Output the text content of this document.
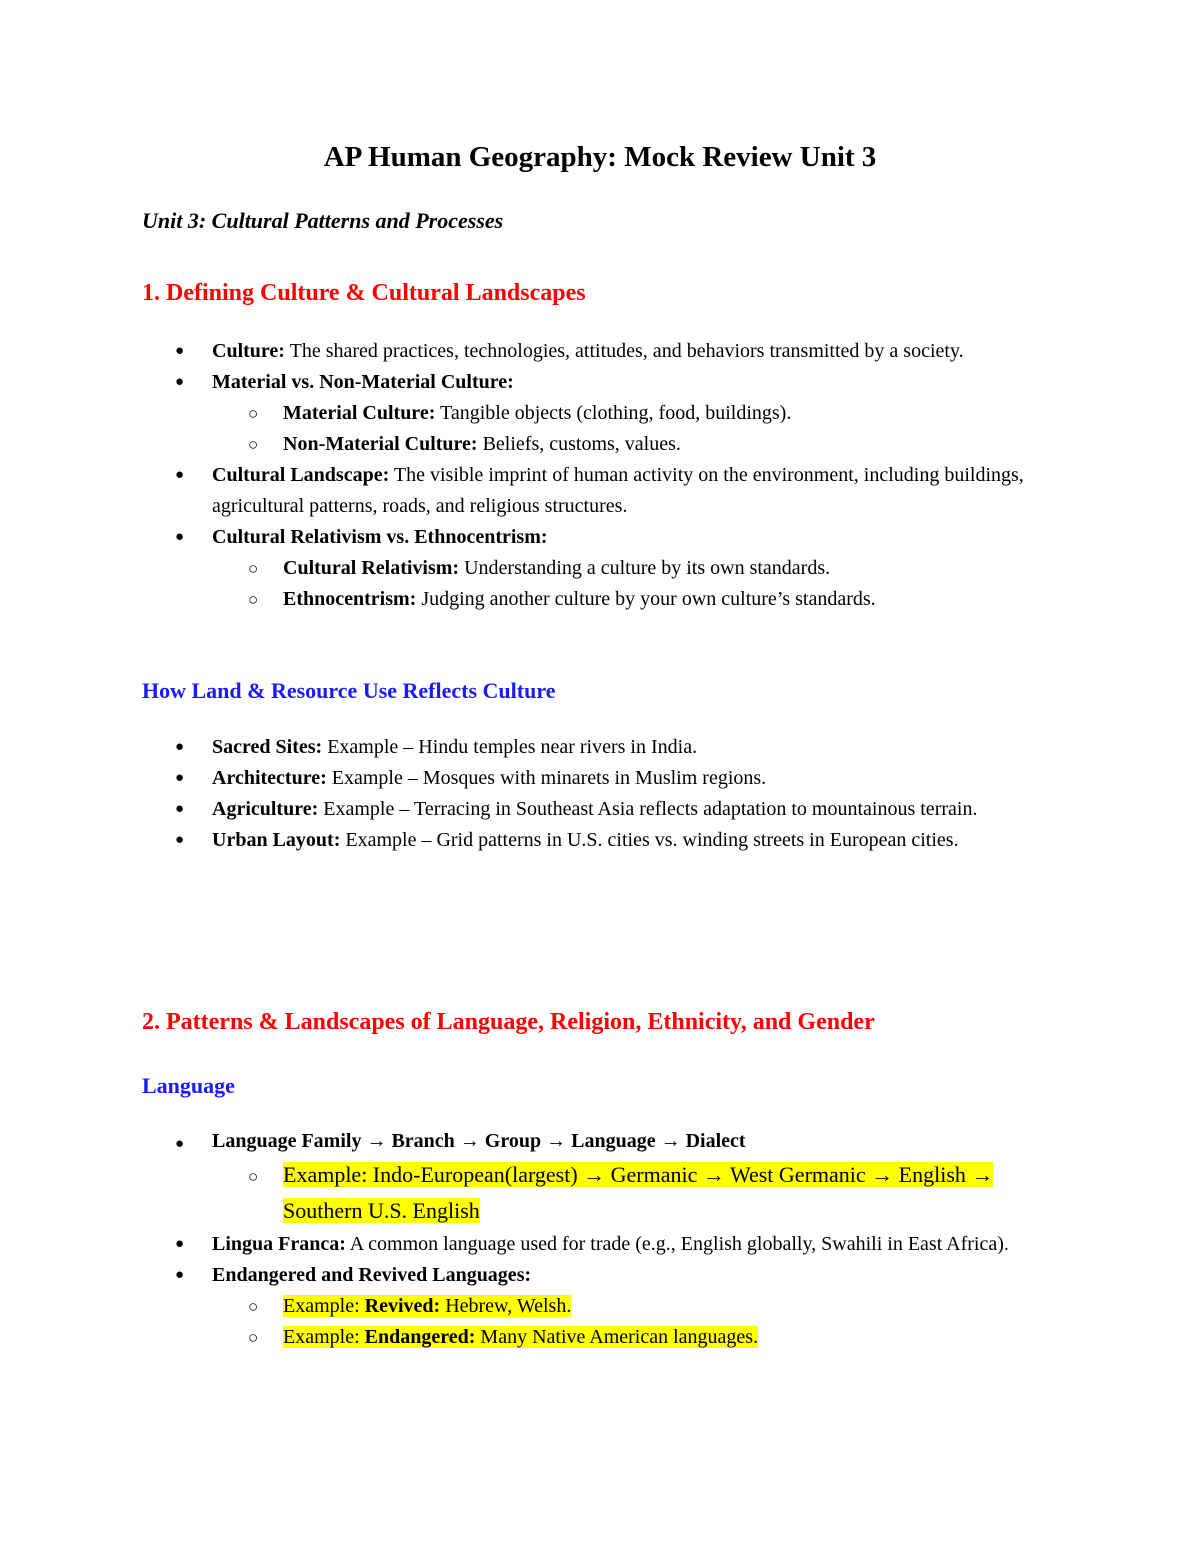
AP Human Geography: Mock Review Unit 3
Unit 3: Cultural Patterns and Processes
1. Defining Culture & Cultural Landscapes
● Culture: The shared practices, technologies, attitudes, and behaviors transmitted by a society.
● Material vs. Non-Material Culture:
○ Material Culture: Tangible objects (clothing, food, buildings).
○ Non-Material Culture: Beliefs, customs, values.
● Cultural Landscape: The visible imprint of human activity on the environment, including buildings, agricultural patterns, roads, and religious structures.
● Cultural Relativism vs. Ethnocentrism:
○ Cultural Relativism: Understanding a culture by its own standards.
○ Ethnocentrism: Judging another culture by your own culture’s standards.
How Land & Resource Use Reflects Culture
● Sacred Sites: Example – Hindu temples near rivers in India.
● Architecture: Example – Mosques with minarets in Muslim regions.
● Agriculture: Example – Terracing in Southeast Asia reflects adaptation to mountainous terrain.
● Urban Layout: Example – Grid patterns in U.S. cities vs. winding streets in European cities.
2. Patterns & Landscapes of Language, Religion, Ethnicity, and Gender
Language
● Language Family → Branch → Group → Language → Dialect
○ Example: Indo-European(largest) → Germanic → West Germanic → English → Southern U.S. English
● Lingua Franca: A common language used for trade (e.g., English globally, Swahili in East Africa).
● Endangered and Revived Languages:
○ Example: Revived: Hebrew, Welsh.
○ Example: Endangered: Many Native American languages.
